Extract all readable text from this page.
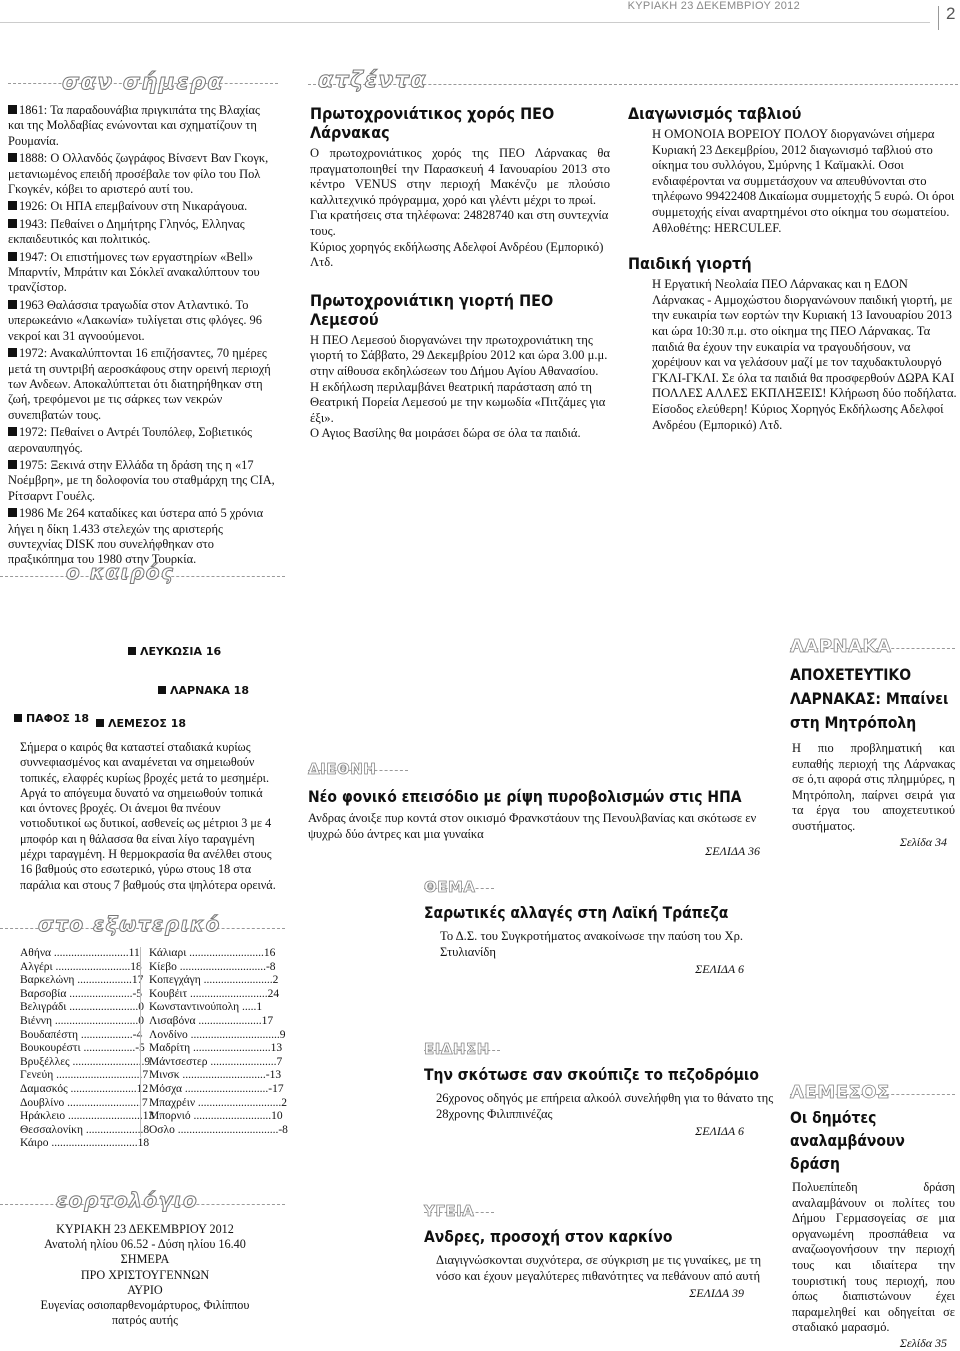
ΚΥΡΙΑΚΗ 23 ΔΕΚΕΜΒΡΙΟΥ 2012	2
σαν σήμερα

1861: Τα παραδουνάβια πριγκιπάτα της Βλαχίας και της Μολδαβίας ενώνονται και σχηματίζουν τη Ρουμανία.

1888: Ο Ολλανδός ζωγράφος Βίνσεντ Βαν Γκογκ, μετανιωμένος επειδή προσέβαλε τον φίλο του Πολ Γκογκέν, κόβει το αριστερό αυτί του.

1926: Οι ΗΠΑ επεμβαίνουν στη Νικαράγουα.

1943: Πεθαίνει ο Δημήτρης Γληνός, Ελληνας εκπαιδευτικός και πολιτικός.

1947: Οι επιστήμονες των εργαστηρίων «Bell» Μπαρντίν, Μπράτιν και Σόκλεϊ ανακαλύπτουν του τρανζίστορ.

1963 Θαλάσσια τραγωδία στον Ατλαντικό. Το υπερωκεάνιο «Λακωνία» τυλίγεται στις φλόγες. 96 νεκροί και 31 αγνοούμενοι.

1972: Ανακαλύπτονται 16 επιζήσαντες, 70 ημέρες μετά τη συντριβή αεροσκάφους στην ορεινή περιοχή των Ανδεων. Αποκαλύπτεται ότι διατηρήθηκαν στη ζωή, τρεφόμενοι με τις σάρκες των νεκρών συνεπιβατών τους.

1972: Πεθαίνει ο Αντρέι Τουπόλεφ, Σοβιετικός αεροναυπηγός.

1975: Ξεκινά στην Ελλάδα τη δράση της η «17 Νοέμβρη», με τη δολοφονία του σταθμάρχη της CIA, Ρίτσαρντ Γουέλς.

1986 Με 264 καταδίκες και ύστερα από 5 χρόνια λήγει η δίκη 1.433 στελεχών της αριστερής συντεχνίας DISK που συνελήφθηκαν στο πραξικόπημα του 1980 στην Τουρκία.

ατζέντα
Πρωτοχρονιάτικος χορός ΠΕΟ Λάρνακας

Ο πρωτοχρονιάτικος χορός της ΠΕΟ Λάρνακας θα πραγματοποιηθεί την Παρασκευή 4 Ιανουαρίου 2013 στο κέντρο VENUS στην περιοχή Μακένζυ με πλούσιο καλλιτεχνικό πρόγραμμα, χορό και γλέντι μέχρι το πρωί.

Για κρατήσεις στα τηλέφωνα: 24828740 και στη συντεχνία τους.

Κύριος χορηγός εκδήλωσης Αδελφοί Ανδρέου (Εμπορικό) Λτδ.

Πρωτοχρονιάτικη γιορτή ΠΕΟ Λεμεσού

Η ΠΕΟ Λεμεσού διοργανώνει την πρωτοχρονιάτικη της γιορτή το Σάββατο, 29 Δεκεμβρίου 2012 και ώρα 3.00 μ.μ. στην αίθουσα εκδηλώσεων του Δήμου Αγίου Αθανασίου.

Η εκδήλωση περιλαμβάνει θεατρική παράσταση από τη Θεατρική Πορεία Λεμεσού με την κωμωδία «Πιτζάμες για έξι».

Ο Αγιος Βασίλης θα μοιράσει δώρα σε όλα τα παιδιά.

Διαγωνισμός ταβλιού

Η ΟΜΟΝΟΙΑ ΒΟΡΕΙΟΥ ΠΟΛΟΥ διοργανώνει σήμερα Κυριακή 23 Δεκεμβρίου, 2012 διαγωνισμό ταβλιού στο οίκημα του συλλόγου, Σμύρνης 1 Καϊμακλί. Οσοι ενδιαφέρονται να συμμετάσχουν να απευθύνονται στο τηλέφωνο 99422408 Δικαίωμα συμμετοχής 5 ευρώ. Οι όροι συμμετοχής είναι αναρτημένοι στο οίκημα του σωματείου. Αθλοθέτης: HERCULEF.

Παιδική γιορτή

Η Εργατική Νεολαία ΠΕΟ Λάρνακας και η ΕΔΟΝ Λάρνακας - Αμμοχώστου διοργανώνουν παιδική γιορτή, με την ευκαιρία των εορτών την Κυριακή 13 Ιανουαρίου 2013 και ώρα 10:30 π.μ. στο οίκημα της ΠΕΟ Λάρνακας. Τα παιδιά θα έχουν την ευκαιρία να τραγουδήσουν, να χορέψουν και να γελάσουν μαζί με τον ταχυδακτυλουργό ΓΚΛΙ-ΓΚΛΙ. Σε όλα τα παιδιά θα προσφερθούν ΔΩΡΑ ΚΑΙ ΠΟΛΛΕΣ ΑΛΛΕΣ ΕΚΠΛΗΞΕΙΣ! Κλήρωση δύο ποδήλατα. Είσοδος ελεύθερη! Κύριος Χορηγός Εκδήλωσης Αδελφοί Ανδρέου (Εμπορικό) Λτδ.

ο καιρός
ΛΕΥΚΩΣΙΑ 16
ΛΑΡΝΑΚΑ 18
ΠΑΦΟΣ 18	ΛΕΜΕΣΟΣ 18

Σήμερα ο καιρός θα καταστεί σταδιακά κυρίως συννεφιασμένος και αναμένεται να σημειωθούν τοπικές, ελαφρές κυρίως βροχές μετά το μεσημέρι. Αργά το απόγευμα δυνατό να σημειωθούν τοπικά και όντονες βροχές. Οι άνεμοι θα πνέουν νοτιοδυτικοί ως δυτικοί, ασθενείς ως μέτριοι 3 με 4 μποφόρ και η θάλασσα θα είναι λίγο ταραγμένη μέχρι ταραγμένη. Η θερμοκρασία θα ανέλθει στους 16 βαθμούς στο εσωτερικό, γύρω στους 18 στα παράλια και στους 7 βαθμούς στα ψηλότερα ορεινά.

στο εξωτερικό
Αθήνα ..........................11
Αλγέρι ..........................18
Βαρκελώνη ...................17
Βαρσοβία ......................-5
Βελιγράδι ........................0
Βιέννη .............................0
Βουδαπέστη ..................-4
Βουκουρέστι ..................-5
Βρυξέλλες .........................9
Γενεύη ..............................7
Δαμασκός .......................12
Δουβλίνο ..........................7
Ηράκλειο ..........................13
Θεσσαλονίκη ....................8
Κάιρο ..............................18
Κάλιαρι ..........................16
Κίεβο ..............................-8
Κοπεγχάγη ........................2
Κουβέιτ ...........................24
Κωνσταντινούπολη .....1
Λισαβόνα ......................17
Λονδίνο ...............................9
Μαδρίτη ...........................13
Μάντσεστερ .......................7
Μινσκ .............................-13
Μόσχα .............................-17
Μπαχρέιν .............................2
Μπορνιό ...........................10
Οσλο ...................................-8
εορτολόγιο
ΚΥΡΙΑΚΗ 23 ΔΕΚΕΜΒΡΙΟΥ 2012
Ανατολή ηλίου 06.52 - Δύση ηλίου 16.40
ΣΗΜΕΡΑ
ΠΡΟ ΧΡΙΣΤΟΥΓΕΝΝΩΝ
ΑΥΡΙΟ
Ευγενίας οσιοπαρθενομάρτυρος, Φιλίππου πατρός αυτής
ΔΙΕΘΝΗ
Νέο φονικό επεισόδιο με ρίψη πυροβολισμών στις ΗΠΑ

Ανδρας άνοιξε πυρ κοντά στον οικισμό Φρανκστάουν της Πενουλβανίας και σκότωσε εν ψυχρώ δύο άντρες και μια γυναίκα

ΣΕΛΙΔΑ 36
ΘΕΜΑ
Σαρωτικές αλλαγές στη Λαϊκή Τράπεζα

Το Δ.Σ. του Συγκροτήματος ανακοίνωσε την παύση του Χρ. Στυλιανίδη

ΣΕΛΙΔΑ 6
ΕΙΔΗΣΗ
Την σκότωσε σαν σκούπιζε το πεζοδρόμιο

26χρονος οδηγός με επήρεια αλκοόλ συνελήφθη για το θάνατο της 28χρονης Φιλιππινέζας

ΣΕΛΙΔΑ 6
ΥΓΕΙΑ
Ανδρες, προσοχή στον καρκίνο

Διαγιγνώσκονται συχνότερα, σε σύγκριση με τις γυναίκες, με τη νόσο και έχουν μεγαλύτερες πιθανότητες να πεθάνουν από αυτή

ΣΕΛΙΔΑ 39
ΛΑΡΝΑΚΑ
ΑΠΟΧΕΤΕΥΤΙΚΟ ΛΑΡΝΑΚΑΣ: Μπαίνει στη Μητρόπολη

Η πιο προβληματική και ευπαθής περιοχή της Λάρνακας σε ό,τι αφορά στις πλημμύρες, η Μητρόπολη, παίρνει σειρά για τα έργα του αποχετευτικού συστήματος.

Σελίδα 34
ΛΕΜΕΣΟΣ
Οι δημότες αναλαμβάνουν δράση

Πολυεπίπεδη δράση αναλαμβάνουν οι πολίτες του Δήμου Γερμασογείας σε μια οργανωμένη προσπάθεια να αναζωογονήσουν την περιοχή τους και ιδιαίτερα την τουριστική τους περιοχή, που όπως διαπιστώνουν έχει παραμεληθεί και οδηγείται σε σταδιακό μαρασμό.

Σελίδα 35
